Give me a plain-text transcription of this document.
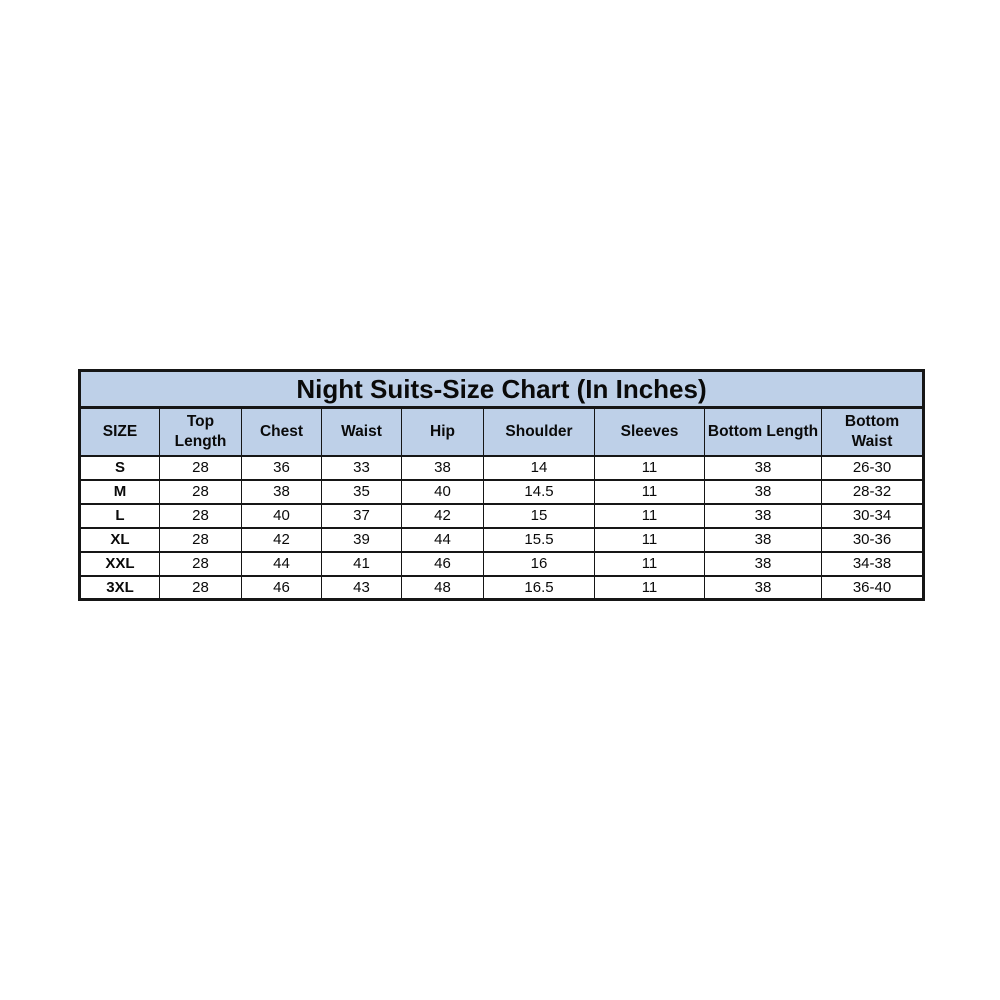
Night Suits-Size Chart (In Inches)								
SIZE	Top Length	Chest	Waist	Hip	Shoulder	Sleeves	Bottom Length	Bottom Waist
S	28	36	33	38	14	11	38	26-30
M	28	38	35	40	14.5	11	38	28-32
L	28	40	37	42	15	11	38	30-34
XL	28	42	39	44	15.5	11	38	30-36
XXL	28	44	41	46	16	11	38	34-38
3XL	28	46	43	48	16.5	11	38	36-40
